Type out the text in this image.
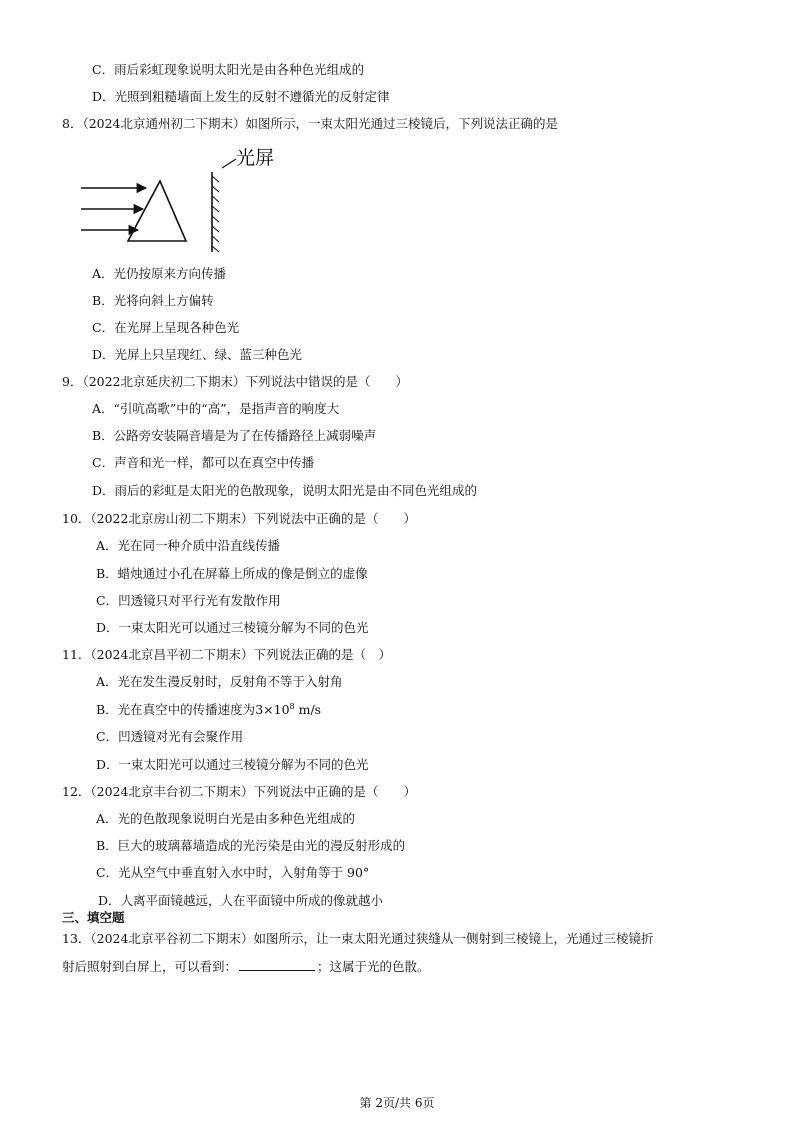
C．雨后彩虹现象说明太阳光是由各种色光组成的
D．光照到粗糙墙面上发生的反射不遵循光的反射定律
8．（2024北京通州初二下期末）如图所示，一束太阳光通过三棱镜后，下列说法正确的是
光屏
A．光仍按原来方向传播
B．光将向斜上方偏转
C．在光屏上呈现各种色光
D．光屏上只呈现红、绿、蓝三种色光
9．（2022北京延庆初二下期末）下列说法中错误的是（　　）
A．“引吭高歌”中的“高”，是指声音的响度大
B．公路旁安装隔音墙是为了在传播路径上减弱噪声
C．声音和光一样，都可以在真空中传播
D．雨后的彩虹是太阳光的色散现象，说明太阳光是由不同色光组成的
10．（2022北京房山初二下期末）下列说法中正确的是（　　）
A．光在同一种介质中沿直线传播
B．蜡烛通过小孔在屏幕上所成的像是倒立的虚像
C．凹透镜只对平行光有发散作用
D．一束太阳光可以通过三棱镜分解为不同的色光
11．（2024北京昌平初二下期末）下列说法正确的是（　）
A．光在发生漫反射时，反射角不等于入射角
B．光在真空中的传播速度为$3\times 10^8$ m/s
C．凹透镜对光有会聚作用
D．一束太阳光可以通过三棱镜分解为不同的色光
12．（2024北京丰台初二下期末）下列说法中正确的是（　　）
A．光的色散现象说明白光是由多种色光组成的
B．巨大的玻璃幕墙造成的光污染是由光的漫反射形成的
C．光从空气中垂直射入水中时，入射角等于 90°
D．人离平面镜越远，人在平面镜中所成的像就越小
三、填空题
13．（2024北京平谷初二下期末）如图所示，让一束太阳光通过狭缝从一侧射到三棱镜上，光通过三棱镜折
射后照射到白屏上，可以看到：	；这属于光的色散。
第 2页/共 6页
